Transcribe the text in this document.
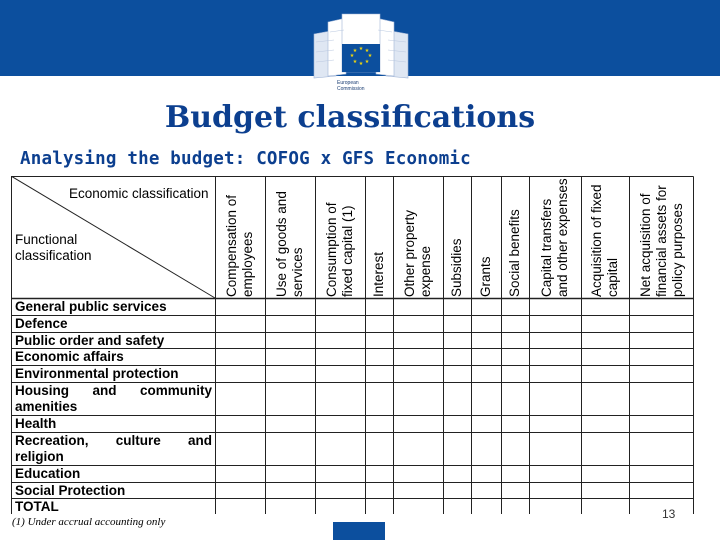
★ ★
★
★
★
★
★
★
European
Commission
Budget classifications
Analysing the budget: COFOG x GFS Economic
Economic classification
Functional classification	Compensation of employees Use of goods and services Consumption of fixed capital (1) Interest Other property expense Subsidies Grants Social benefits Capital transfers and other expenses Acquisition of fixed capital Net acquisition of financial assets for policy purposes
General public services
Defence
Public order and safety
Economic affairs
Environmental protection
Housing and community
amenities
Health
Recreation, culture and
religion
Education
Social Protection
TOTAL

(1) Under accrual accounting only

13
